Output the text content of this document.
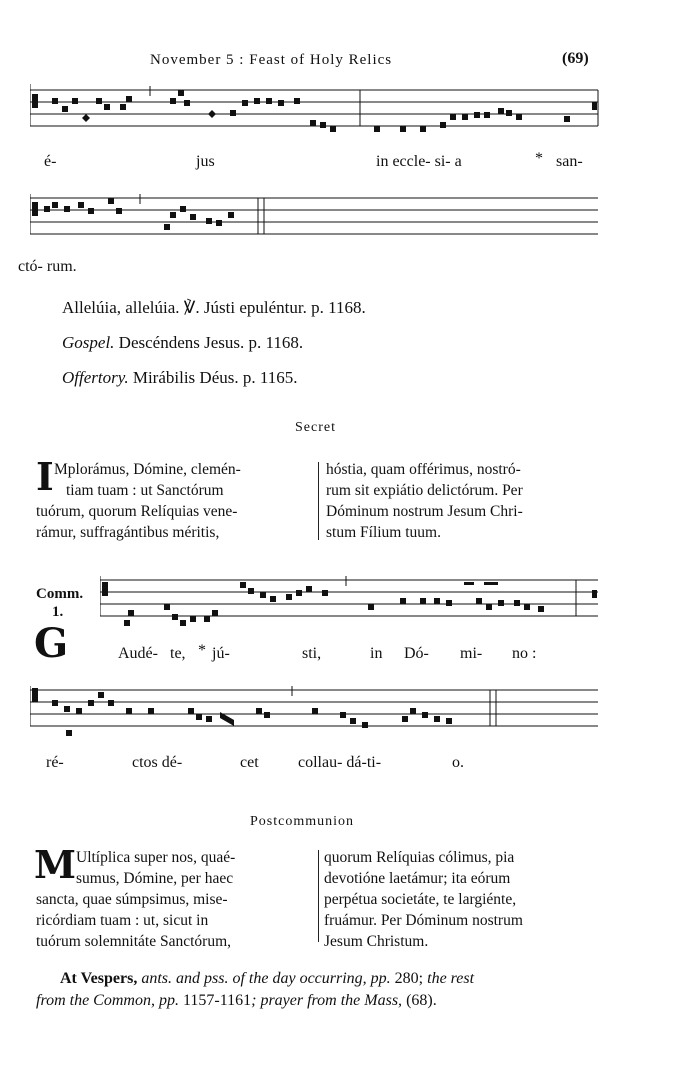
November 5 : Feast of Holy Relics	(69)
é-	jus	in eccle- si- a	* san-
ctó- rum.
Allelúia, allelúia. ℣. Jústi epuléntur. p. 1168.
Gospel. Descéndens Jesus. p. 1168.
Offertory. Mirábilis Déus. p. 1165.
Secret
I Mplorámus, Dómine, clemén-

tiam tuam : ut Sanctórum

tuórum, quorum Relíquias vene-

rámur, suffragántibus méritis,

hóstia, quam offérimus, nostró-

rum sit expiátio delictórum. Per

Dóminum nostrum Jesum Chri-

stum Fílium tuum.

Comm.
1.
G	Audé- te, * jú-	sti,	in Dó- mi- no :
ré-	ctos dé-	cet collau- dá-ti-	o.
Postcommunion
M Ultíplica super nos, quaé-

sumus, Dómine, per haec

sancta, quae súmpsimus, mise-

ricórdiam tuam : ut, sicut in

tuórum solemnitáte Sanctórum,

quorum Relíquias cólimus, pia

devotióne laetámur; ita eórum

perpétua societáte, te largiénte,

fruámur. Per Dóminum nostrum

Jesum Christum.

At Vespers, ants. and pss. of the day occurring, pp. 280; the rest

from the Common, pp. 1157-1161; prayer from the Mass, (68).
